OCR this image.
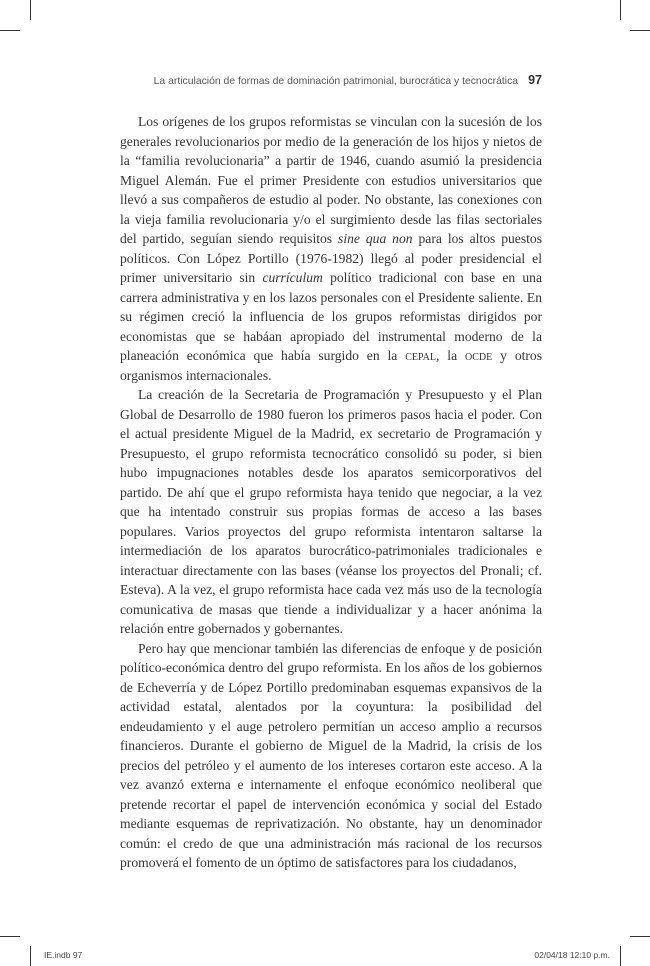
La articulación de formas de dominación patrimonial, burocrática y tecnocrática 97

Los orígenes de los grupos reformistas se vinculan con la sucesión de los generales revolucionarios por medio de la generación de los hijos y nietos de la “familia revolucionaria” a partir de 1946, cuando asumió la presidencia Miguel Alemán. Fue el primer Presidente con estudios universitarios que llevó a sus compañeros de estudio al poder. No obstante, las conexiones con la vieja familia revolucionaria y/o el surgimiento desde las filas sectoriales del partido, seguían siendo requisitos sine qua non para los altos puestos políticos. Con López Portillo (1976-1982) llegó al poder presidencial el primer universitario sin currículum político tradicional con base en una carrera administrativa y en los lazos personales con el Presidente saliente. En su régimen creció la influencia de los grupos reformistas dirigidos por economistas que se habáan apropiado del instrumental moderno de la planeación económica que había surgido en la cepal, la ocde y otros organismos internacionales.

La creación de la Secretaria de Programación y Presupuesto y el Plan Global de Desarrollo de 1980 fueron los primeros pasos hacia el poder. Con el actual presidente Miguel de la Madrid, ex secretario de Programación y Presupuesto, el grupo reformista tecnocrático consolidó su poder, si bien hubo impugnaciones notables desde los aparatos semicorporativos del partido. De ahí que el grupo reformista haya tenido que negociar, a la vez que ha intentado construir sus propias formas de acceso a las bases populares. Varios proyectos del grupo reformista intentaron saltarse la intermediación de los aparatos burocrático-patrimoniales tradicionales e interactuar directamente con las bases (véanse los proyectos del Pronali; cf. Esteva). A la vez, el grupo reformista hace cada vez más uso de la tecnología comunicativa de masas que tiende a individualizar y a hacer anónima la relación entre gobernados y gobernantes.

Pero hay que mencionar también las diferencias de enfoque y de posición político-económica dentro del grupo reformista. En los años de los gobiernos de Echeverría y de López Portillo predominaban esquemas expansivos de la actividad estatal, alentados por la coyuntura: la posibilidad del endeudamiento y el auge petrolero permitían un acceso amplio a recursos financieros. Durante el gobierno de Miguel de la Madrid, la crisis de los precios del petróleo y el aumento de los intereses cortaron este acceso. A la vez avanzó externa e internamente el enfoque económico neoliberal que pretende recortar el papel de intervención económica y social del Estado mediante esquemas de reprivatización. No obstante, hay un denominador común: el credo de que una administración más racional de los recursos promoverá el fomento de un óptimo de satisfactores para los ciudadanos,

IE.indb 97	02/04/18 12:10 p.m.
